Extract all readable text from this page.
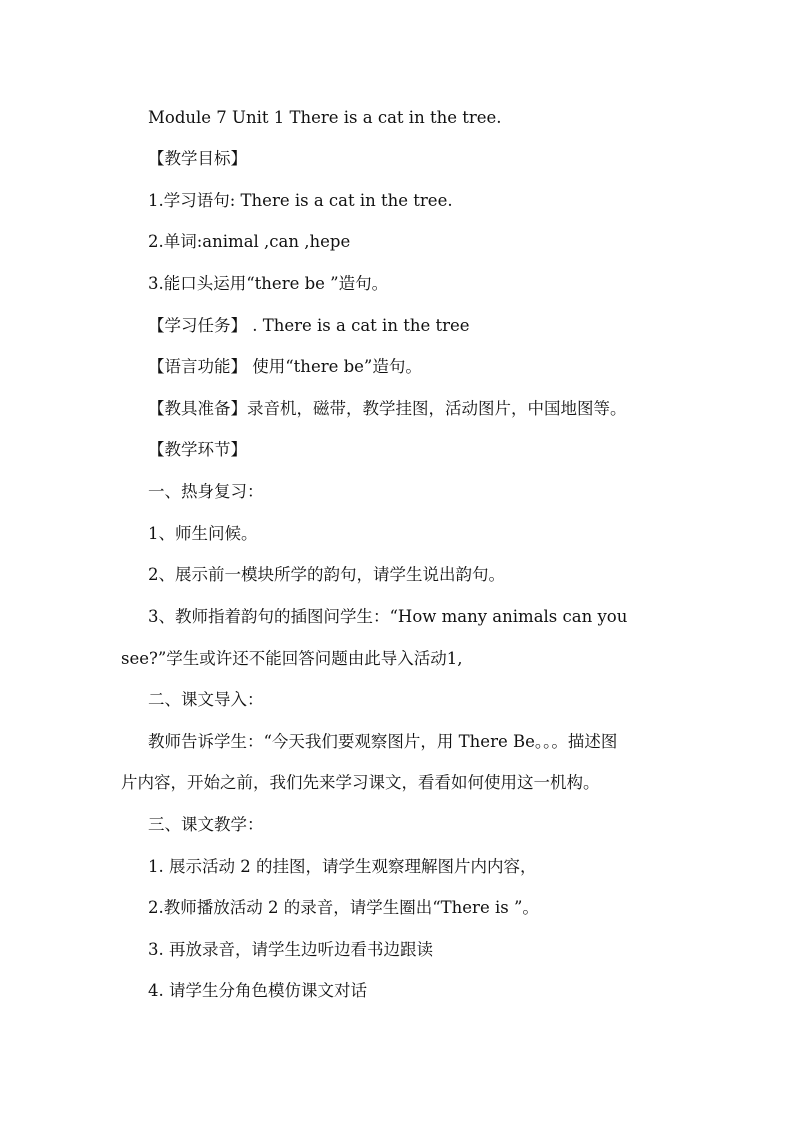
Module 7 Unit 1 There is a cat in the tree.
【教学目标】
1.学习语句: There is a cat in the tree.
2.单词:animal ,can ,hepe
3.能口头运用“there be ”造句。
【学习任务】 . There is a cat in the tree
【语言功能】 使用“there be”造句。
【教具准备】录音机，磁带，教学挂图，活动图片，中国地图等。
【教学环节】
一、热身复习：
1、师生问候。
2、展示前一模块所学的韵句，请学生说出韵句。
3、教师指着韵句的插图问学生：“How many animals can you
see?”学生或许还不能回答问题由此导入活动1,
二、课文导入：
教师告诉学生：“今天我们要观察图片，用 There Be。。。描述图
片内容，开始之前，我们先来学习课文，看看如何使用这一机构。
三、课文教学：
1. 展示活动 2 的挂图，请学生观察理解图片内内容，
2.教师播放活动 2 的录音，请学生圈出“There is ”。
3. 再放录音，请学生边听边看书边跟读
4. 请学生分角色模仿课文对话
